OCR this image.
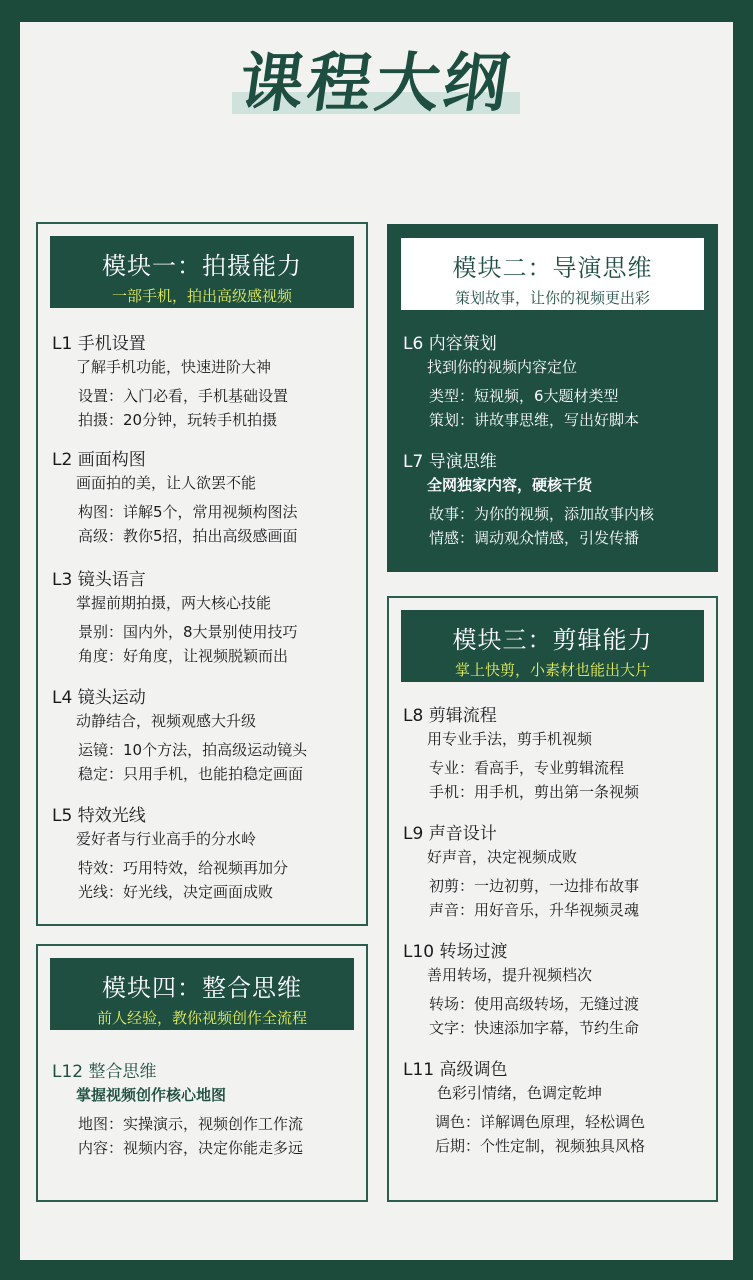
课程大纲
模块一：拍摄能力
一部手机，拍出高级感视频
L1 手机设置
了解手机功能，快速进阶大神
设置：入门必看，手机基础设置
拍摄：20分钟，玩转手机拍摄
L2 画面构图
画面拍的美，让人欲罢不能
构图：详解5个，常用视频构图法
高级：教你5招，拍出高级感画面
L3 镜头语言
掌握前期拍摄，两大核心技能
景别：国内外，8大景别使用技巧
角度：好角度，让视频脱颖而出
L4 镜头运动
动静结合，视频观感大升级
运镜：10个方法，拍高级运动镜头
稳定：只用手机，也能拍稳定画面
L5 特效光线
爱好者与行业高手的分水岭
特效：巧用特效，给视频再加分
光线：好光线，决定画面成败
模块二：导演思维
策划故事，让你的视频更出彩
L6 内容策划
找到你的视频内容定位
类型：短视频，6大题材类型
策划：讲故事思维，写出好脚本
L7 导演思维
全网独家内容，硬核干货
故事：为你的视频，添加故事内核
情感：调动观众情感，引发传播
模块三：剪辑能力
掌上快剪，小素材也能出大片
L8 剪辑流程
用专业手法，剪手机视频
专业：看高手，专业剪辑流程
手机：用手机，剪出第一条视频
L9 声音设计
好声音，决定视频成败
初剪：一边初剪，一边排布故事
声音：用好音乐，升华视频灵魂
L10 转场过渡
善用转场，提升视频档次
转场：使用高级转场，无缝过渡
文字：快速添加字幕，节约生命
L11 高级调色
色彩引情绪，色调定乾坤
调色：详解调色原理，轻松调色
后期：个性定制，视频独具风格
模块四：整合思维
前人经验，教你视频创作全流程
L12 整合思维
掌握视频创作核心地图
地图：实操演示，视频创作工作流
内容：视频内容，决定你能走多远
